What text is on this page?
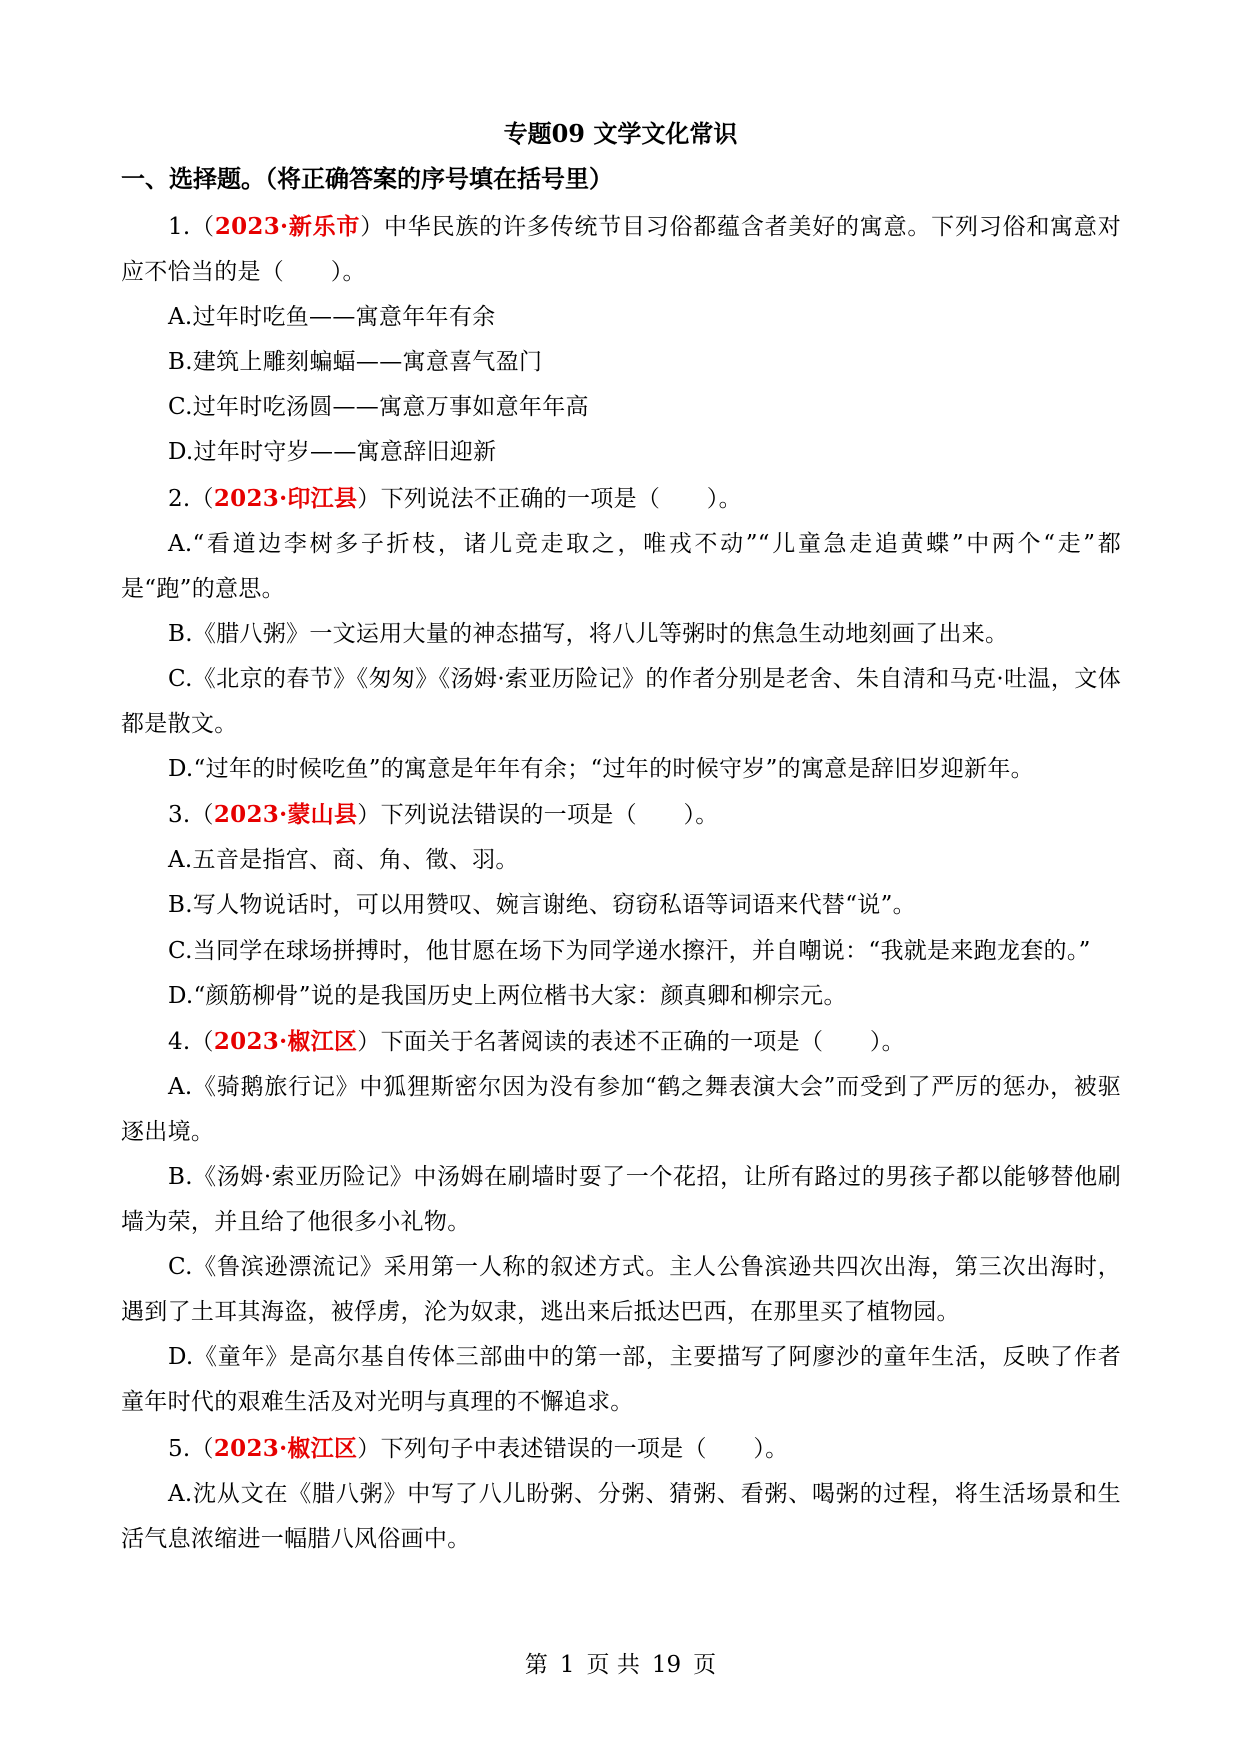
专题09 文学文化常识
一、选择题。（将正确答案的序号填在括号里）

1.（2023·新乐市）中华民族的许多传统节目习俗都蕴含者美好的寓意。下列习俗和寓意对应不恰当的是（　　）。

A.过年时吃鱼——寓意年年有余

B.建筑上雕刻蝙蝠——寓意喜气盈门

C.过年时吃汤圆——寓意万事如意年年高

D.过年时守岁——寓意辞旧迎新

2.（2023·印江县）下列说法不正确的一项是（　　）。

A.“看道边李树多子折枝，诸儿竞走取之，唯戎不动”“儿童急走追黄蝶”中两个“走”都是“跑”的意思。

B.《腊八粥》一文运用大量的神态描写，将八儿等粥时的焦急生动地刻画了出来。

C.《北京的春节》《匆匆》《汤姆·索亚历险记》的作者分别是老舍、朱自清和马克·吐温，文体都是散文。

D.“过年的时候吃鱼”的寓意是年年有余；“过年的时候守岁”的寓意是辞旧岁迎新年。

3.（2023·蒙山县）下列说法错误的一项是（　　）。

A.五音是指宫、商、角、徵、羽。

B.写人物说话时，可以用赞叹、婉言谢绝、窃窃私语等词语来代替“说”。

C.当同学在球场拼搏时，他甘愿在场下为同学递水擦汗，并自嘲说：“我就是来跑龙套的。”

D.“颜筋柳骨”说的是我国历史上两位楷书大家：颜真卿和柳宗元。

4.（2023·椒江区）下面关于名著阅读的表述不正确的一项是（　　）。

A.《骑鹅旅行记》中狐狸斯密尔因为没有参加“鹤之舞表演大会”而受到了严厉的惩办，被驱逐出境。

B.《汤姆·索亚历险记》中汤姆在刷墙时耍了一个花招，让所有路过的男孩子都以能够替他刷墙为荣，并且给了他很多小礼物。

C.《鲁滨逊漂流记》采用第一人称的叙述方式。主人公鲁滨逊共四次出海，第三次出海时，遇到了土耳其海盗，被俘虏，沦为奴隶，逃出来后抵达巴西，在那里买了植物园。

D.《童年》是高尔基自传体三部曲中的第一部，主要描写了阿廖沙的童年生活，反映了作者童年时代的艰难生活及对光明与真理的不懈追求。

5.（2023·椒江区）下列句子中表述错误的一项是（　　）。

A.沈从文在《腊八粥》中写了八儿盼粥、分粥、猜粥、看粥、喝粥的过程，将生活场景和生活气息浓缩进一幅腊八风俗画中。

第 1 页 共 19 页
